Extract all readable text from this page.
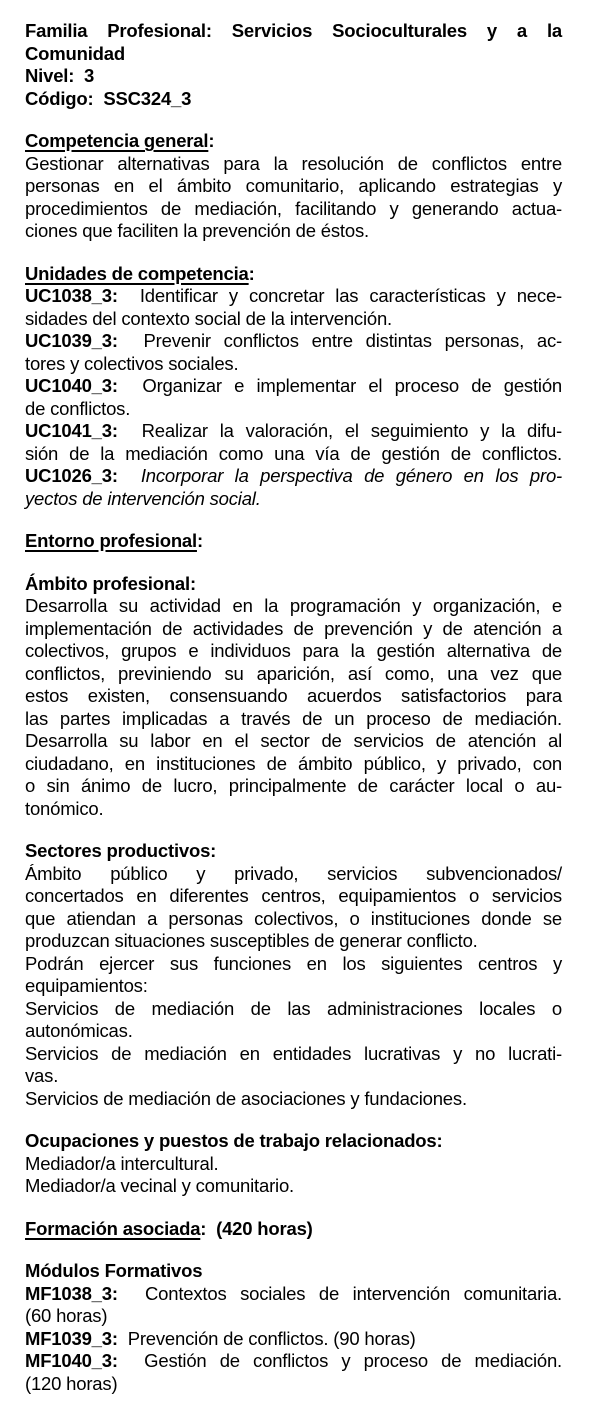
Familia Profesional: Servicios Socioculturales y a la
Comunidad
Nivel:  3
Código:  SSC324_3
Competencia general:
Gestionar alternativas para la resolución de conflictos entre
personas en el ámbito comunitario, aplicando estrategias y
procedimientos de mediación, facilitando y generando actua-
ciones que faciliten la prevención de éstos.
Unidades de competencia:
UC1038_3:  Identificar y concretar las características y nece-
sidades del contexto social de la intervención.
UC1039_3:  Prevenir conflictos entre distintas personas, ac-
tores y colectivos sociales.
UC1040_3:  Organizar e implementar el proceso de gestión
de conflictos.
UC1041_3:  Realizar la valoración, el seguimiento y la difu-
sión de la mediación como una vía de gestión de conflictos.
UC1026_3:  Incorporar la perspectiva de género en los pro-
yectos de intervención social.
Entorno profesional:
Ámbito profesional:
Desarrolla su actividad en la programación y organización, e
implementación de actividades de prevención y de atención a
colectivos, grupos e individuos para la gestión alternativa de
conflictos, previniendo su aparición, así como, una vez que
estos existen, consensuando acuerdos satisfactorios para
las partes implicadas a través de un proceso de mediación.
Desarrolla su labor en el sector de servicios de atención al
ciudadano, en instituciones de ámbito público, y privado, con
o sin ánimo de lucro, principalmente de carácter local o au-
tonómico.
Sectores productivos:
Ámbito público y privado, servicios subvencionados/
concertados en diferentes centros, equipamientos o servicios
que atiendan a personas colectivos, o instituciones donde se
produzcan situaciones susceptibles de generar conflicto.
Podrán ejercer sus funciones en los siguientes centros y
equipamientos:
Servicios de mediación de las administraciones locales o
autonómicas.
Servicios de mediación en entidades lucrativas y no lucrati-
vas.
Servicios de mediación de asociaciones y fundaciones.
Ocupaciones y puestos de trabajo relacionados:
Mediador/a intercultural.
Mediador/a vecinal y comunitario.
Formación asociada:  (420 horas)
Módulos Formativos
MF1038_3:  Contextos sociales de intervención comunitaria.
(60 horas)
MF1039_3:  Prevención de conflictos. (90 horas)
MF1040_3:  Gestión de conflictos y proceso de mediación.
(120 horas)
